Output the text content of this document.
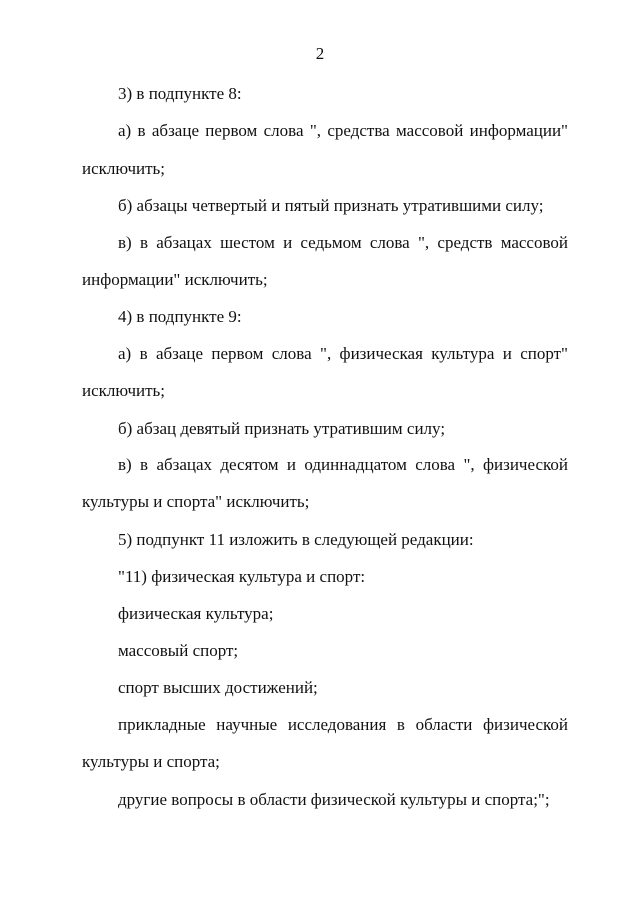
2
3) в подпункте 8:
а) в абзаце первом слова ", средства массовой информации"
исключить;
б) абзацы четвертый и пятый признать утратившими силу;
в) в абзацах шестом и седьмом слова ", средств массовой
информации" исключить;
4) в подпункте 9:
а) в абзаце первом слова ", физическая культура и спорт"
исключить;
б) абзац девятый признать утратившим силу;
в) в абзацах десятом и одиннадцатом слова ", физической
культуры и спорта" исключить;
5) подпункт 11 изложить в следующей редакции:
"11) физическая культура и спорт:
физическая культура;
массовый спорт;
спорт высших достижений;
прикладные научные исследования в области физической
культуры и спорта;
другие вопросы в области физической культуры и спорта;";
